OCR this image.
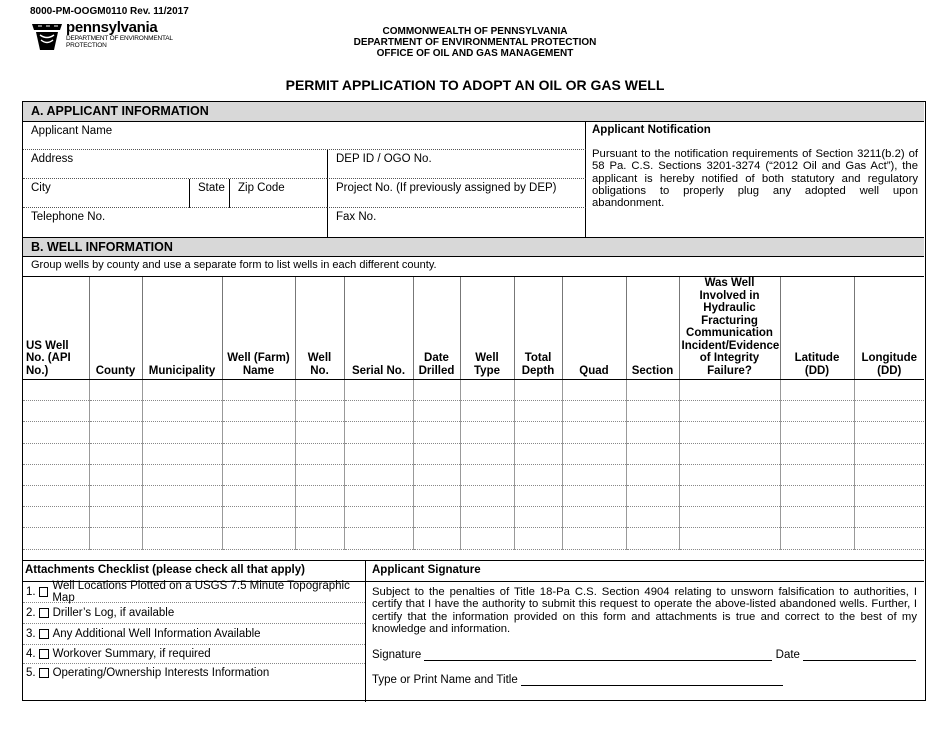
8000-PM-OOGM0110 Rev. 11/2017
pennsylvania
DEPARTMENT OF ENVIRONMENTAL
PROTECTION
COMMONWEALTH OF PENNSYLVANIA
DEPARTMENT OF ENVIRONMENTAL PROTECTION
OFFICE OF OIL AND GAS MANAGEMENT
PERMIT APPLICATION TO ADOPT AN OIL OR GAS WELL
A. APPLICANT INFORMATION
Applicant Name
Address	DEP ID / OGO No.
City	State	Zip Code	Project No. (If previously assigned by DEP)
Telephone No.	Fax No.
Applicant Notification
Pursuant to the notification requirements of Section 3211(b.2) of 58 Pa. C.S. Sections 3201-3274 (“2012 Oil and Gas Act”), the applicant is hereby notified of both statutory and regulatory obligations to properly plug any adopted well upon abandonment.
B. WELL INFORMATION
Group wells by county and use a separate form to list wells in each different county.
US Well No. (API No.)	County	Municipality	Well (Farm) Name	Well No.	Serial No.	Date Drilled	Well Type	Total Depth	Quad	Section	Was Well Involved in Hydraulic Fracturing Communication Incident/Evidence of Integrity Failure?	Latitude (DD)	Longitude (DD)

Attachments Checklist (please check all that apply)
1. Well Locations Plotted on a USGS 7.5 Minute Topographic Map
2. Driller’s Log, if available
3. Any Additional Well Information Available
4. Workover Summary, if required
5. Operating/Ownership Interests Information
Applicant Signature
Subject to the penalties of Title 18-Pa C.S. Section 4904 relating to unsworn falsification to authorities, I certify that I have the authority to submit this request to operate the above-listed abandoned wells. Further, I certify that the information provided on this form and attachments is true and correct to the best of my knowledge and information.
Signature	Date
Type or Print Name and Title
